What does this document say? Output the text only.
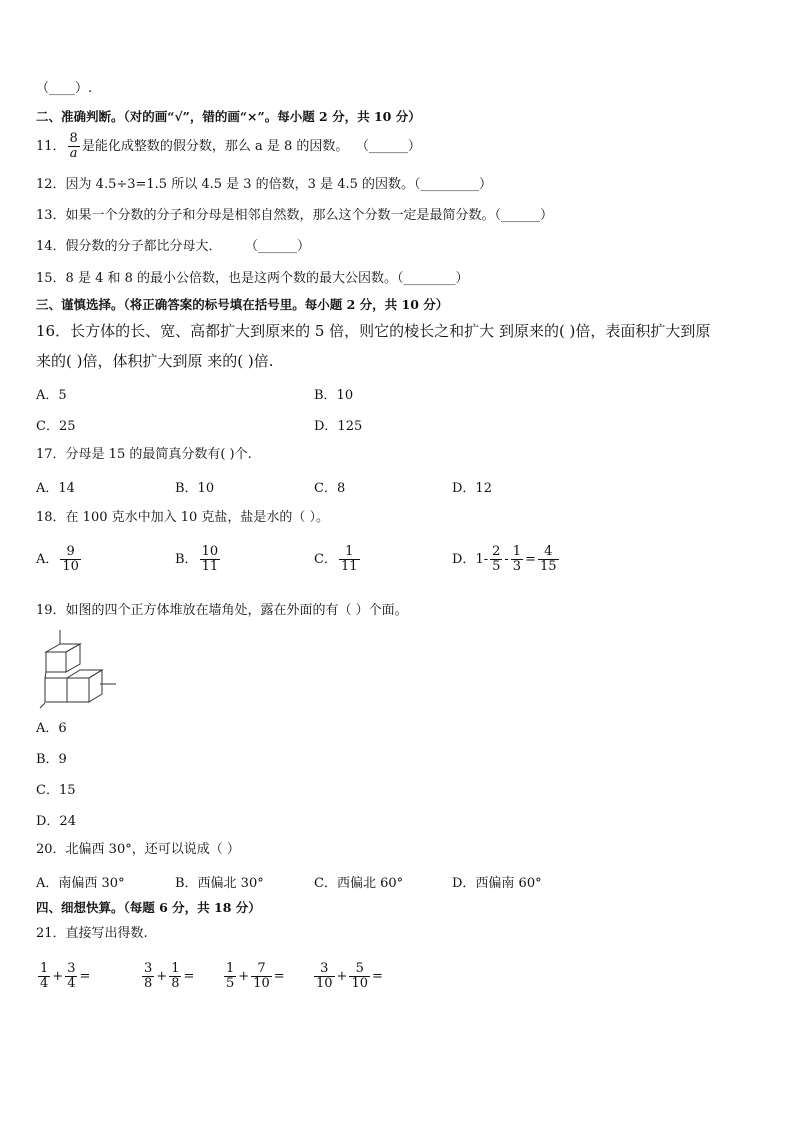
（____）.
二、准确判断。（对的画“√”，错的画“×”。每小题 2 分，共 10 分）
11． $\frac{8}{a}$ 是能化成整数的假分数，那么 a 是 8 的因数。 （______）
12．因为 4.5÷3=1.5 所以 4.5 是 3 的倍数，3 是 4.5 的因数。（_________）
13．如果一个分数的分子和分母是相邻自然数，那么这个分数一定是最简分数。（______）
14．假分数的分子都比分母大． （______）
15．8 是 4 和 8 的最小公倍数，也是这两个数的最大公因数。（________）
三、谨慎选择。（将正确答案的标号填在括号里。每小题 2 分，共 10 分）
16．长方体的长、宽、高都扩大到原来的 5 倍，则它的棱长之和扩大 到原来的( )倍，表面积扩大到原
来的( )倍，体积扩大到原 来的( )倍.
A．5	B．10
C．25	D．125
17．分母是 15 的最简真分数有( )个.
A．14	B．10	C．8	D．12
18．在 100 克水中加入 10 克盐，盐是水的（ ）。
A． $\frac{9}{10}$	B． $\frac{10}{11}$	C． $\frac{1}{11}$	D．$1- \frac{2}{5} - \frac{1}{3} = \frac{4}{15}$
19．如图的四个正方体堆放在墙角处，露在外面的有（ ）个面。
A．6
B．9
C．15
D．24
20．北偏西 30°，还可以说成（ ）
A．南偏西 30°	B．西偏北 30°	C．西偏北 60°	D．西偏南 60°
四、细想快算。（每题 6 分，共 18 分）
21．直接写出得数.
$\frac{1}{4} + \frac{3}{4}$ =	$\frac{3}{8} + \frac{1}{8} = \frac{1}{5} + \frac{7}{10} = \frac{3}{10} + \frac{5}{10}$ =
